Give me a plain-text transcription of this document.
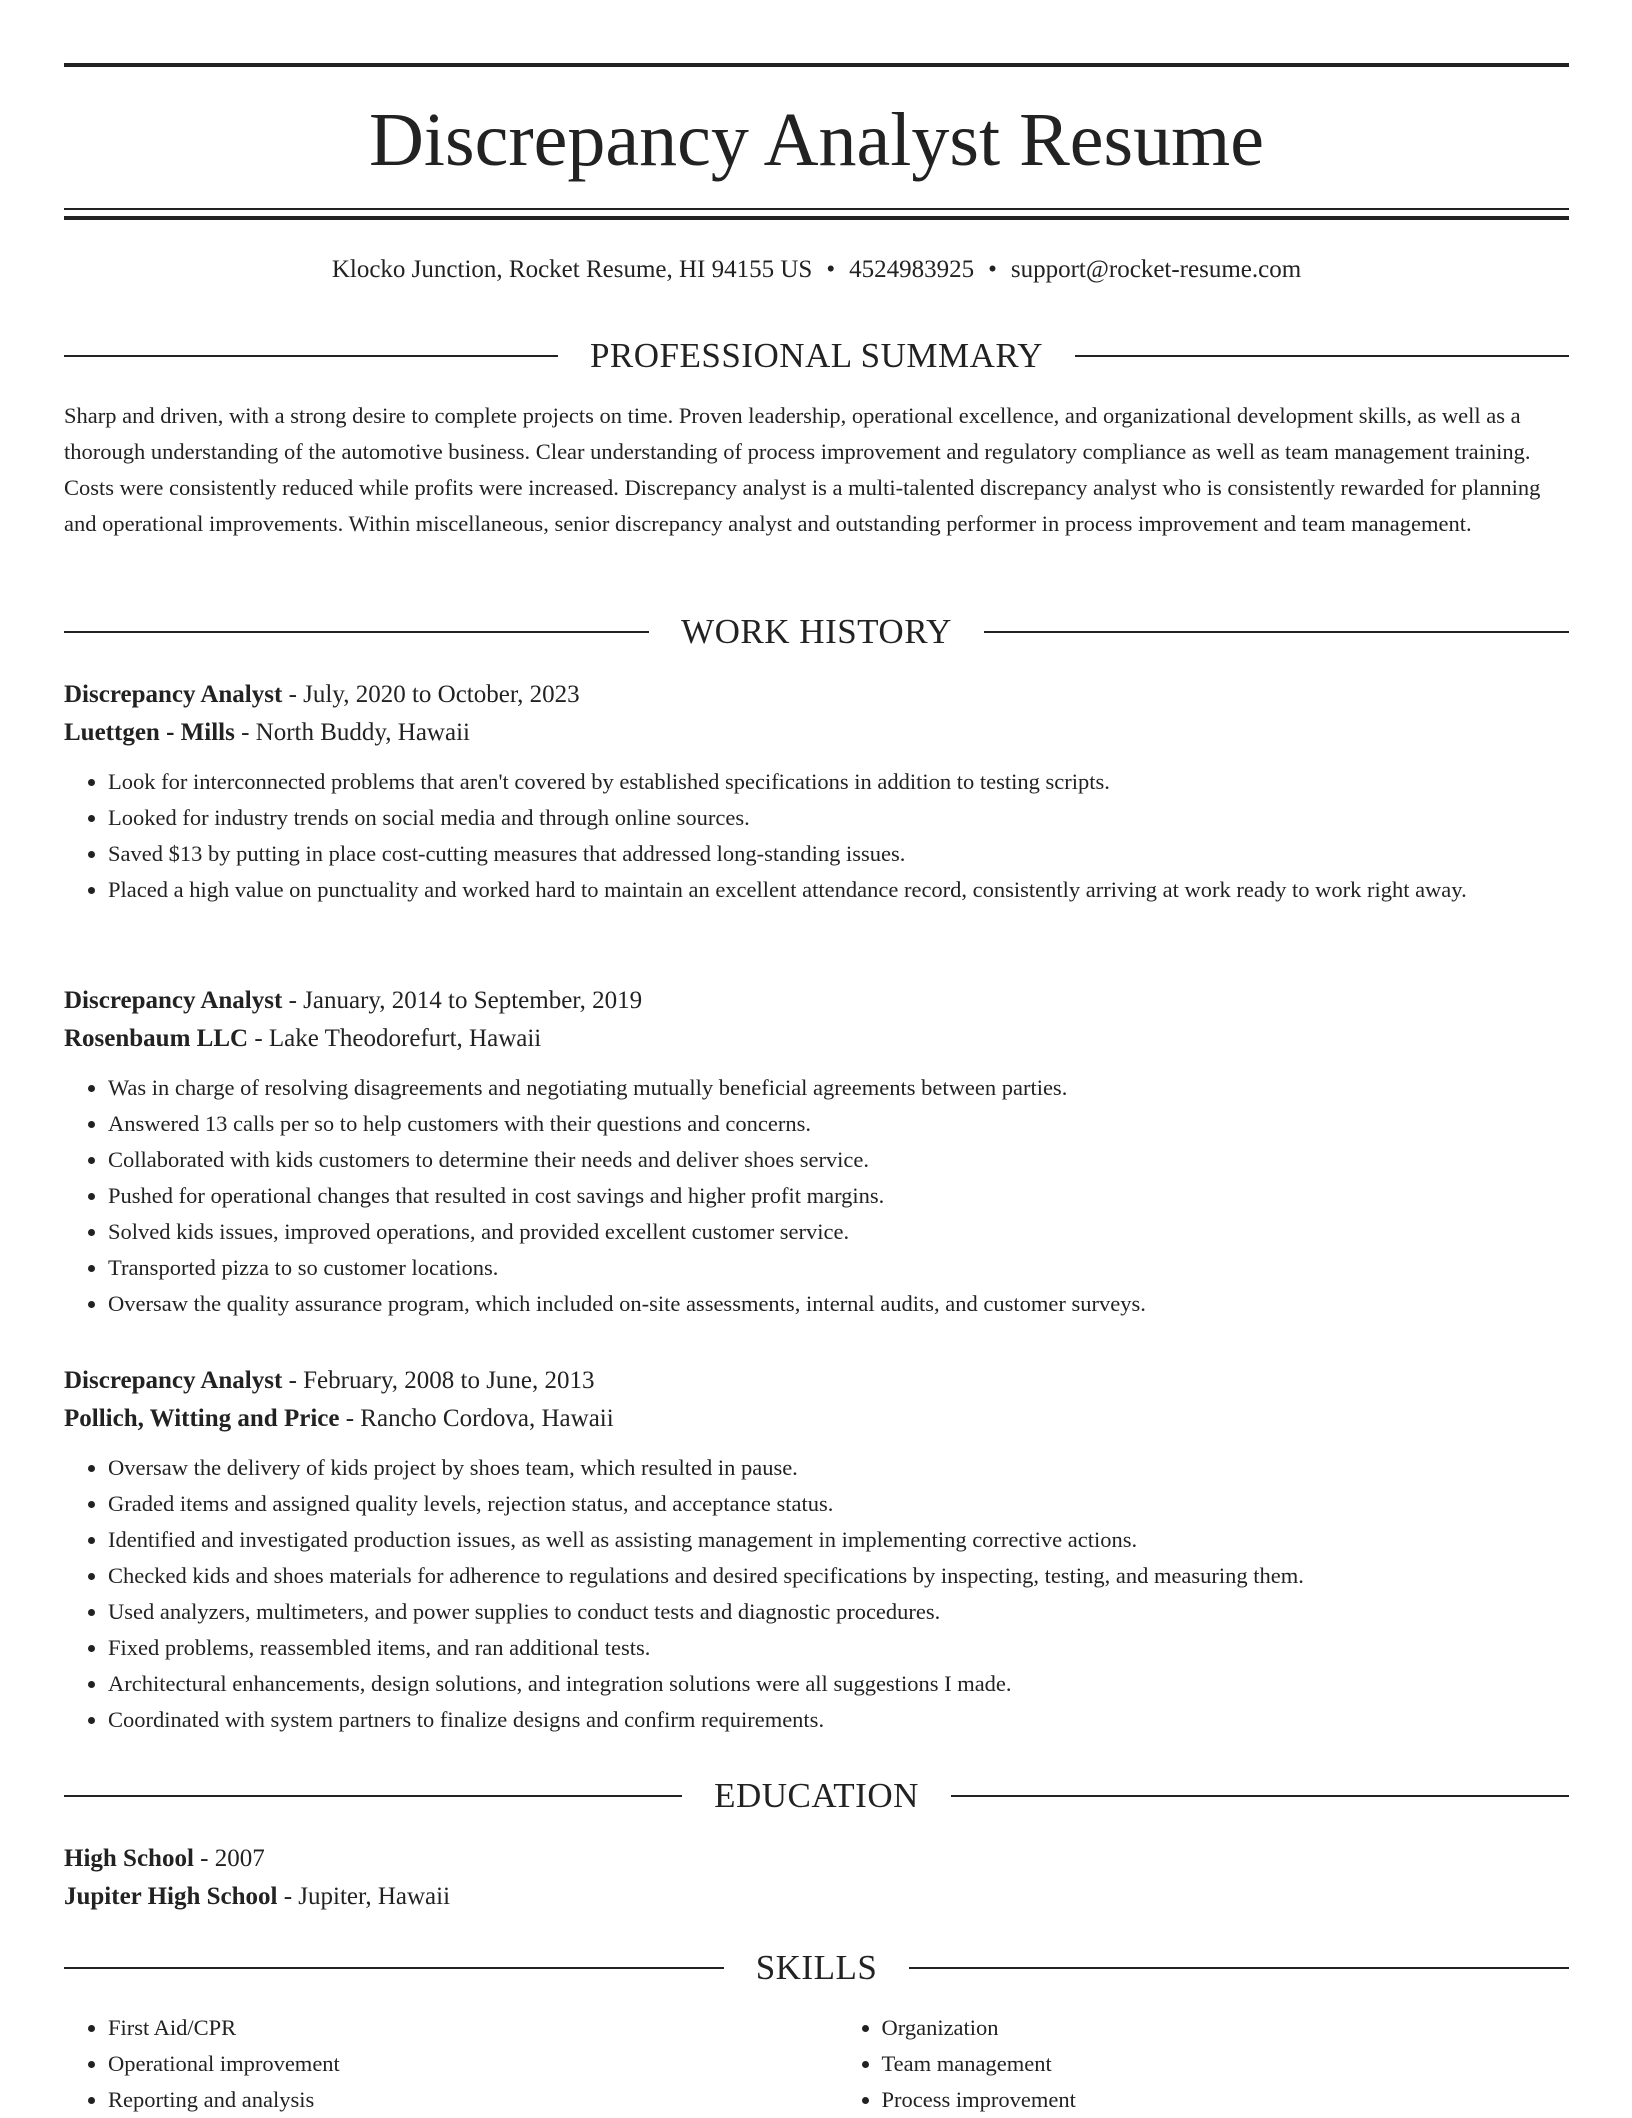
Discrepancy Analyst Resume
Klocko Junction, Rocket Resume, HI 94155 US • 4524983925 • support@rocket-resume.com
PROFESSIONAL SUMMARY

Sharp and driven, with a strong desire to complete projects on time. Proven leadership, operational excellence, and organizational development skills, as well as a thorough understanding of the automotive business. Clear understanding of process improvement and regulatory compliance as well as team management training. Costs were consistently reduced while profits were increased. Discrepancy analyst is a multi-talented discrepancy analyst who is consistently rewarded for planning and operational improvements. Within miscellaneous, senior discrepancy analyst and outstanding performer in process improvement and team management.

WORK HISTORY

Discrepancy Analyst - July, 2020 to October, 2023

Luettgen - Mills - North Buddy, Hawaii

• Look for interconnected problems that aren't covered by established specifications in addition to testing scripts.
• Looked for industry trends on social media and through online sources.
• Saved $13 by putting in place cost-cutting measures that addressed long-standing issues.
• Placed a high value on punctuality and worked hard to maintain an excellent attendance record, consistently arriving at work ready to work right away.

Discrepancy Analyst - January, 2014 to September, 2019

Rosenbaum LLC - Lake Theodorefurt, Hawaii

• Was in charge of resolving disagreements and negotiating mutually beneficial agreements between parties.
• Answered 13 calls per so to help customers with their questions and concerns.
• Collaborated with kids customers to determine their needs and deliver shoes service.
• Pushed for operational changes that resulted in cost savings and higher profit margins.
• Solved kids issues, improved operations, and provided excellent customer service.
• Transported pizza to so customer locations.
• Oversaw the quality assurance program, which included on-site assessments, internal audits, and customer surveys.

Discrepancy Analyst - February, 2008 to June, 2013

Pollich, Witting and Price - Rancho Cordova, Hawaii

• Oversaw the delivery of kids project by shoes team, which resulted in pause.
• Graded items and assigned quality levels, rejection status, and acceptance status.
• Identified and investigated production issues, as well as assisting management in implementing corrective actions.
• Checked kids and shoes materials for adherence to regulations and desired specifications by inspecting, testing, and measuring them.
• Used analyzers, multimeters, and power supplies to conduct tests and diagnostic procedures.
• Fixed problems, reassembled items, and ran additional tests.
• Architectural enhancements, design solutions, and integration solutions were all suggestions I made.
• Coordinated with system partners to finalize designs and confirm requirements.
EDUCATION

High School - 2007

Jupiter High School - Jupiter, Hawaii

SKILLS
• First Aid/CPR
• Operational improvement
• Reporting and analysis
• Organization
• Team management
• Process improvement
